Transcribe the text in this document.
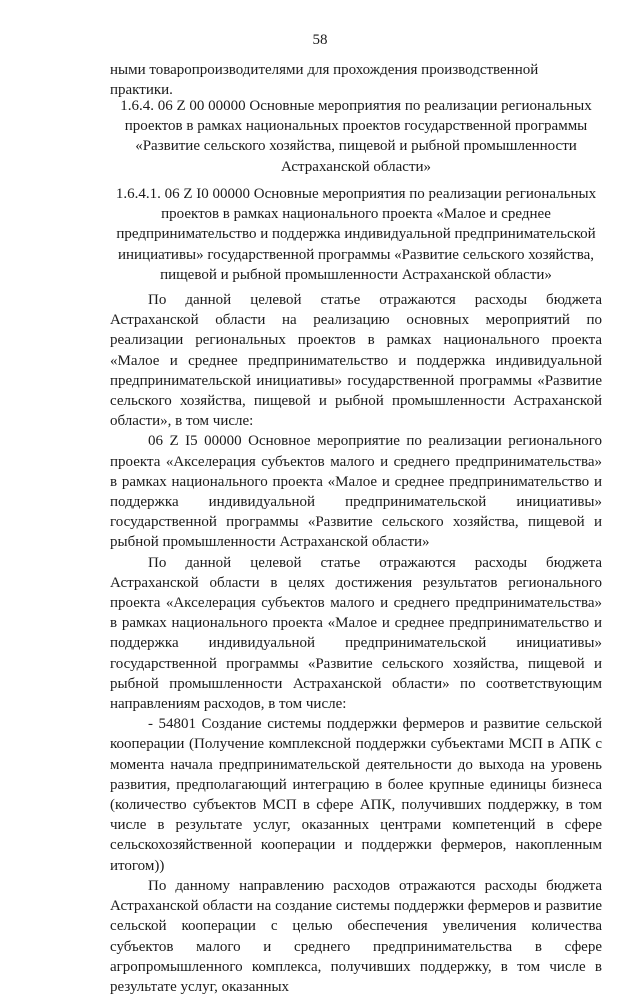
58
ными товаропроизводителями для прохождения производственной практики.
1.6.4. 06 Z 00 00000 Основные мероприятия по реализации региональных проектов в рамках национальных проектов государственной программы «Развитие сельского хозяйства, пищевой и рыбной промышленности Астраханской области»
1.6.4.1. 06 Z I0 00000 Основные мероприятия по реализации региональных проектов в рамках национального проекта «Малое и среднее предпринимательство и поддержка индивидуальной предпринимательской инициативы» государственной программы «Развитие сельского хозяйства, пищевой и рыбной промышленности Астраханской области»

По данной целевой статье отражаются расходы бюджета Астраханской области на реализацию основных мероприятий по реализации региональных проектов в рамках национального проекта «Малое и среднее предпринимательство и поддержка индивидуальной предпринимательской инициативы» государственной программы «Развитие сельского хозяйства, пищевой и рыбной промышленности Астраханской области», в том числе:

06 Z I5 00000 Основное мероприятие по реализации регионального проекта «Акселерация субъектов малого и среднего предпринимательства» в рамках национального проекта «Малое и среднее предпринимательство и поддержка индивидуальной предпринимательской инициативы» государственной программы «Развитие сельского хозяйства, пищевой и рыбной промышленности Астраханской области»

По данной целевой статье отражаются расходы бюджета Астраханской области в целях достижения результатов регионального проекта «Акселерация субъектов малого и среднего предпринимательства» в рамках национального проекта «Малое и среднее предпринимательство и поддержка индивидуальной предпринимательской инициативы» государственной программы «Развитие сельского хозяйства, пищевой и рыбной промышленности Астраханской области» по соответствующим направлениям расходов, в том числе:

- 54801 Создание системы поддержки фермеров и развитие сельской кооперации (Получение комплексной поддержки субъектами МСП в АПК с момента начала предпринимательской деятельности до выхода на уровень развития, предполагающий интеграцию в более крупные единицы бизнеса (количество субъектов МСП в сфере АПК, получивших поддержку, в том числе в результате услуг, оказанных центрами компетенций в сфере сельскохозяйственной кооперации и поддержки фермеров, накопленным итогом))

По данному направлению расходов отражаются расходы бюджета Астраханской области на создание системы поддержки фермеров и развитие сельской кооперации с целью обеспечения увеличения количества субъектов малого и среднего предпринимательства в сфере агропромышленного комплекса, получивших поддержку, в том числе в результате услуг, оказанных
